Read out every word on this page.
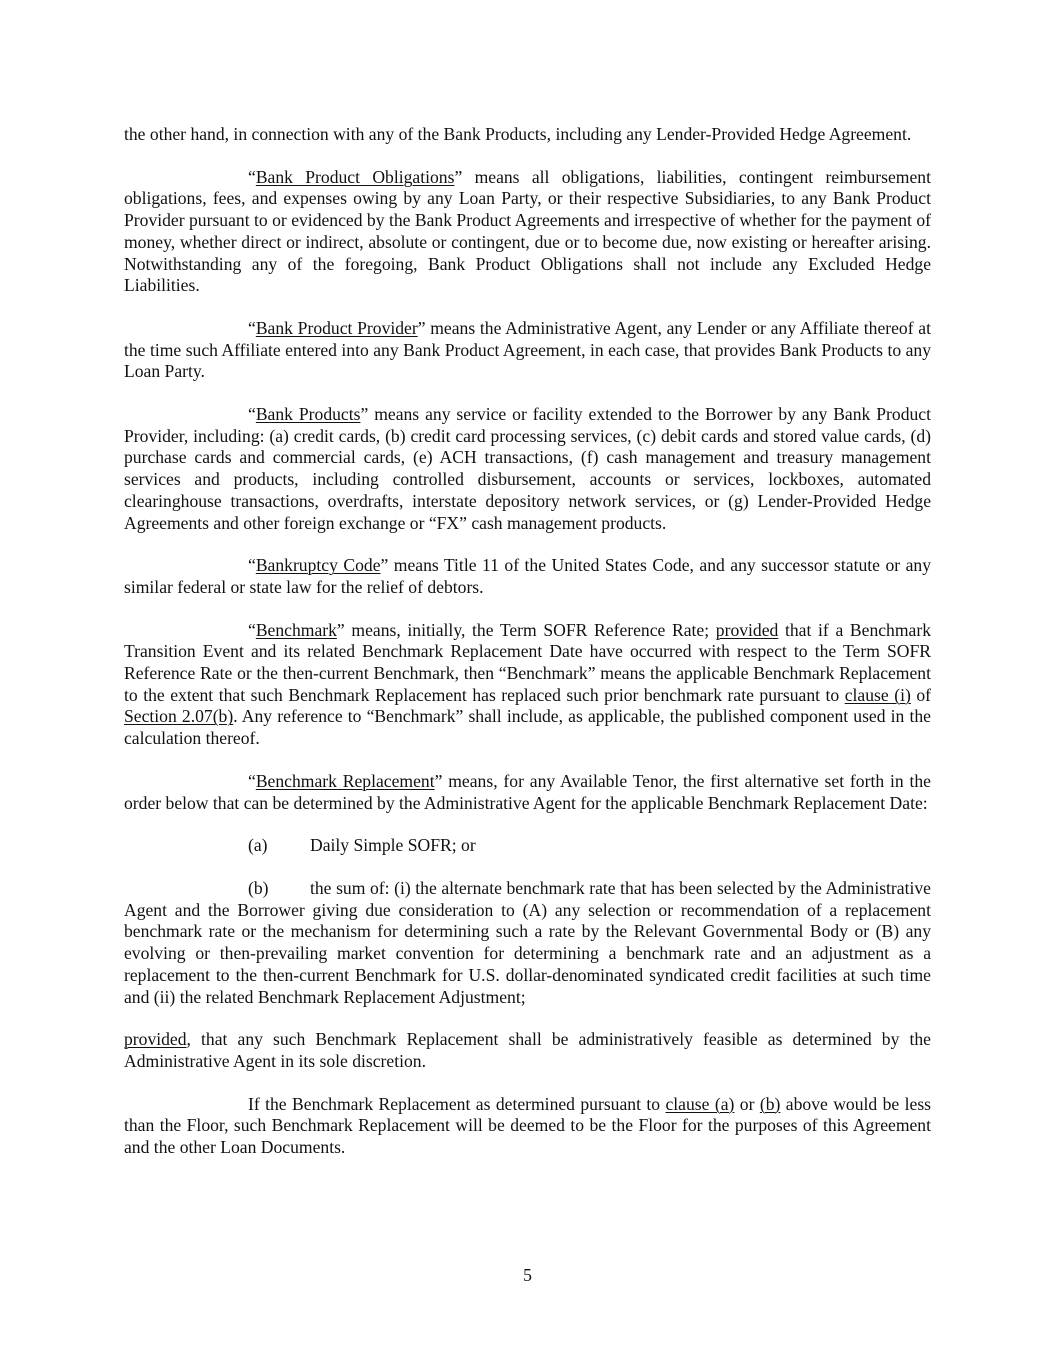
the other hand, in connection with any of the Bank Products, including any Lender-Provided Hedge Agreement.

“Bank Product Obligations” means all obligations, liabilities, contingent reimbursement obligations, fees, and expenses owing by any Loan Party, or their respective Subsidiaries, to any Bank Product Provider pursuant to or evidenced by the Bank Product Agreements and irrespective of whether for the payment of money, whether direct or indirect, absolute or contingent, due or to become due, now existing or hereafter arising. Notwithstanding any of the foregoing, Bank Product Obligations shall not include any Excluded Hedge Liabilities.

“Bank Product Provider” means the Administrative Agent, any Lender or any Affiliate thereof at the time such Affiliate entered into any Bank Product Agreement, in each case, that provides Bank Products to any Loan Party.

“Bank Products” means any service or facility extended to the Borrower by any Bank Product Provider, including: (a) credit cards, (b) credit card processing services, (c) debit cards and stored value cards, (d) purchase cards and commercial cards, (e) ACH transactions, (f) cash management and treasury management services and products, including controlled disbursement, accounts or services, lockboxes, automated clearinghouse transactions, overdrafts, interstate depository network services, or (g) Lender-Provided Hedge Agreements and other foreign exchange or “FX” cash management products.

“Bankruptcy Code” means Title 11 of the United States Code, and any successor statute or any similar federal or state law for the relief of debtors.

“Benchmark” means, initially, the Term SOFR Reference Rate; provided that if a Benchmark Transition Event and its related Benchmark Replacement Date have occurred with respect to the Term SOFR Reference Rate or the then-current Benchmark, then “Benchmark” means the applicable Benchmark Replacement to the extent that such Benchmark Replacement has replaced such prior benchmark rate pursuant to clause (i) of Section 2.07(b). Any reference to “Benchmark” shall include, as applicable, the published component used in the calculation thereof.

“Benchmark Replacement” means, for any Available Tenor, the first alternative set forth in the order below that can be determined by the Administrative Agent for the applicable Benchmark Replacement Date:

(a)	Daily Simple SOFR; or

(b) the sum of: (i) the alternate benchmark rate that has been selected by the Administrative Agent and the Borrower giving due consideration to (A) any selection or recommendation of a replacement benchmark rate or the mechanism for determining such a rate by the Relevant Governmental Body or (B) any evolving or then-prevailing market convention for determining a benchmark rate and an adjustment as a replacement to the then-current Benchmark for U.S. dollar-denominated syndicated credit facilities at such time and (ii) the related Benchmark Replacement Adjustment;

provided, that any such Benchmark Replacement shall be administratively feasible as determined by the Administrative Agent in its sole discretion.

If the Benchmark Replacement as determined pursuant to clause (a) or (b) above would be less than the Floor, such Benchmark Replacement will be deemed to be the Floor for the purposes of this Agreement and the other Loan Documents.

5
